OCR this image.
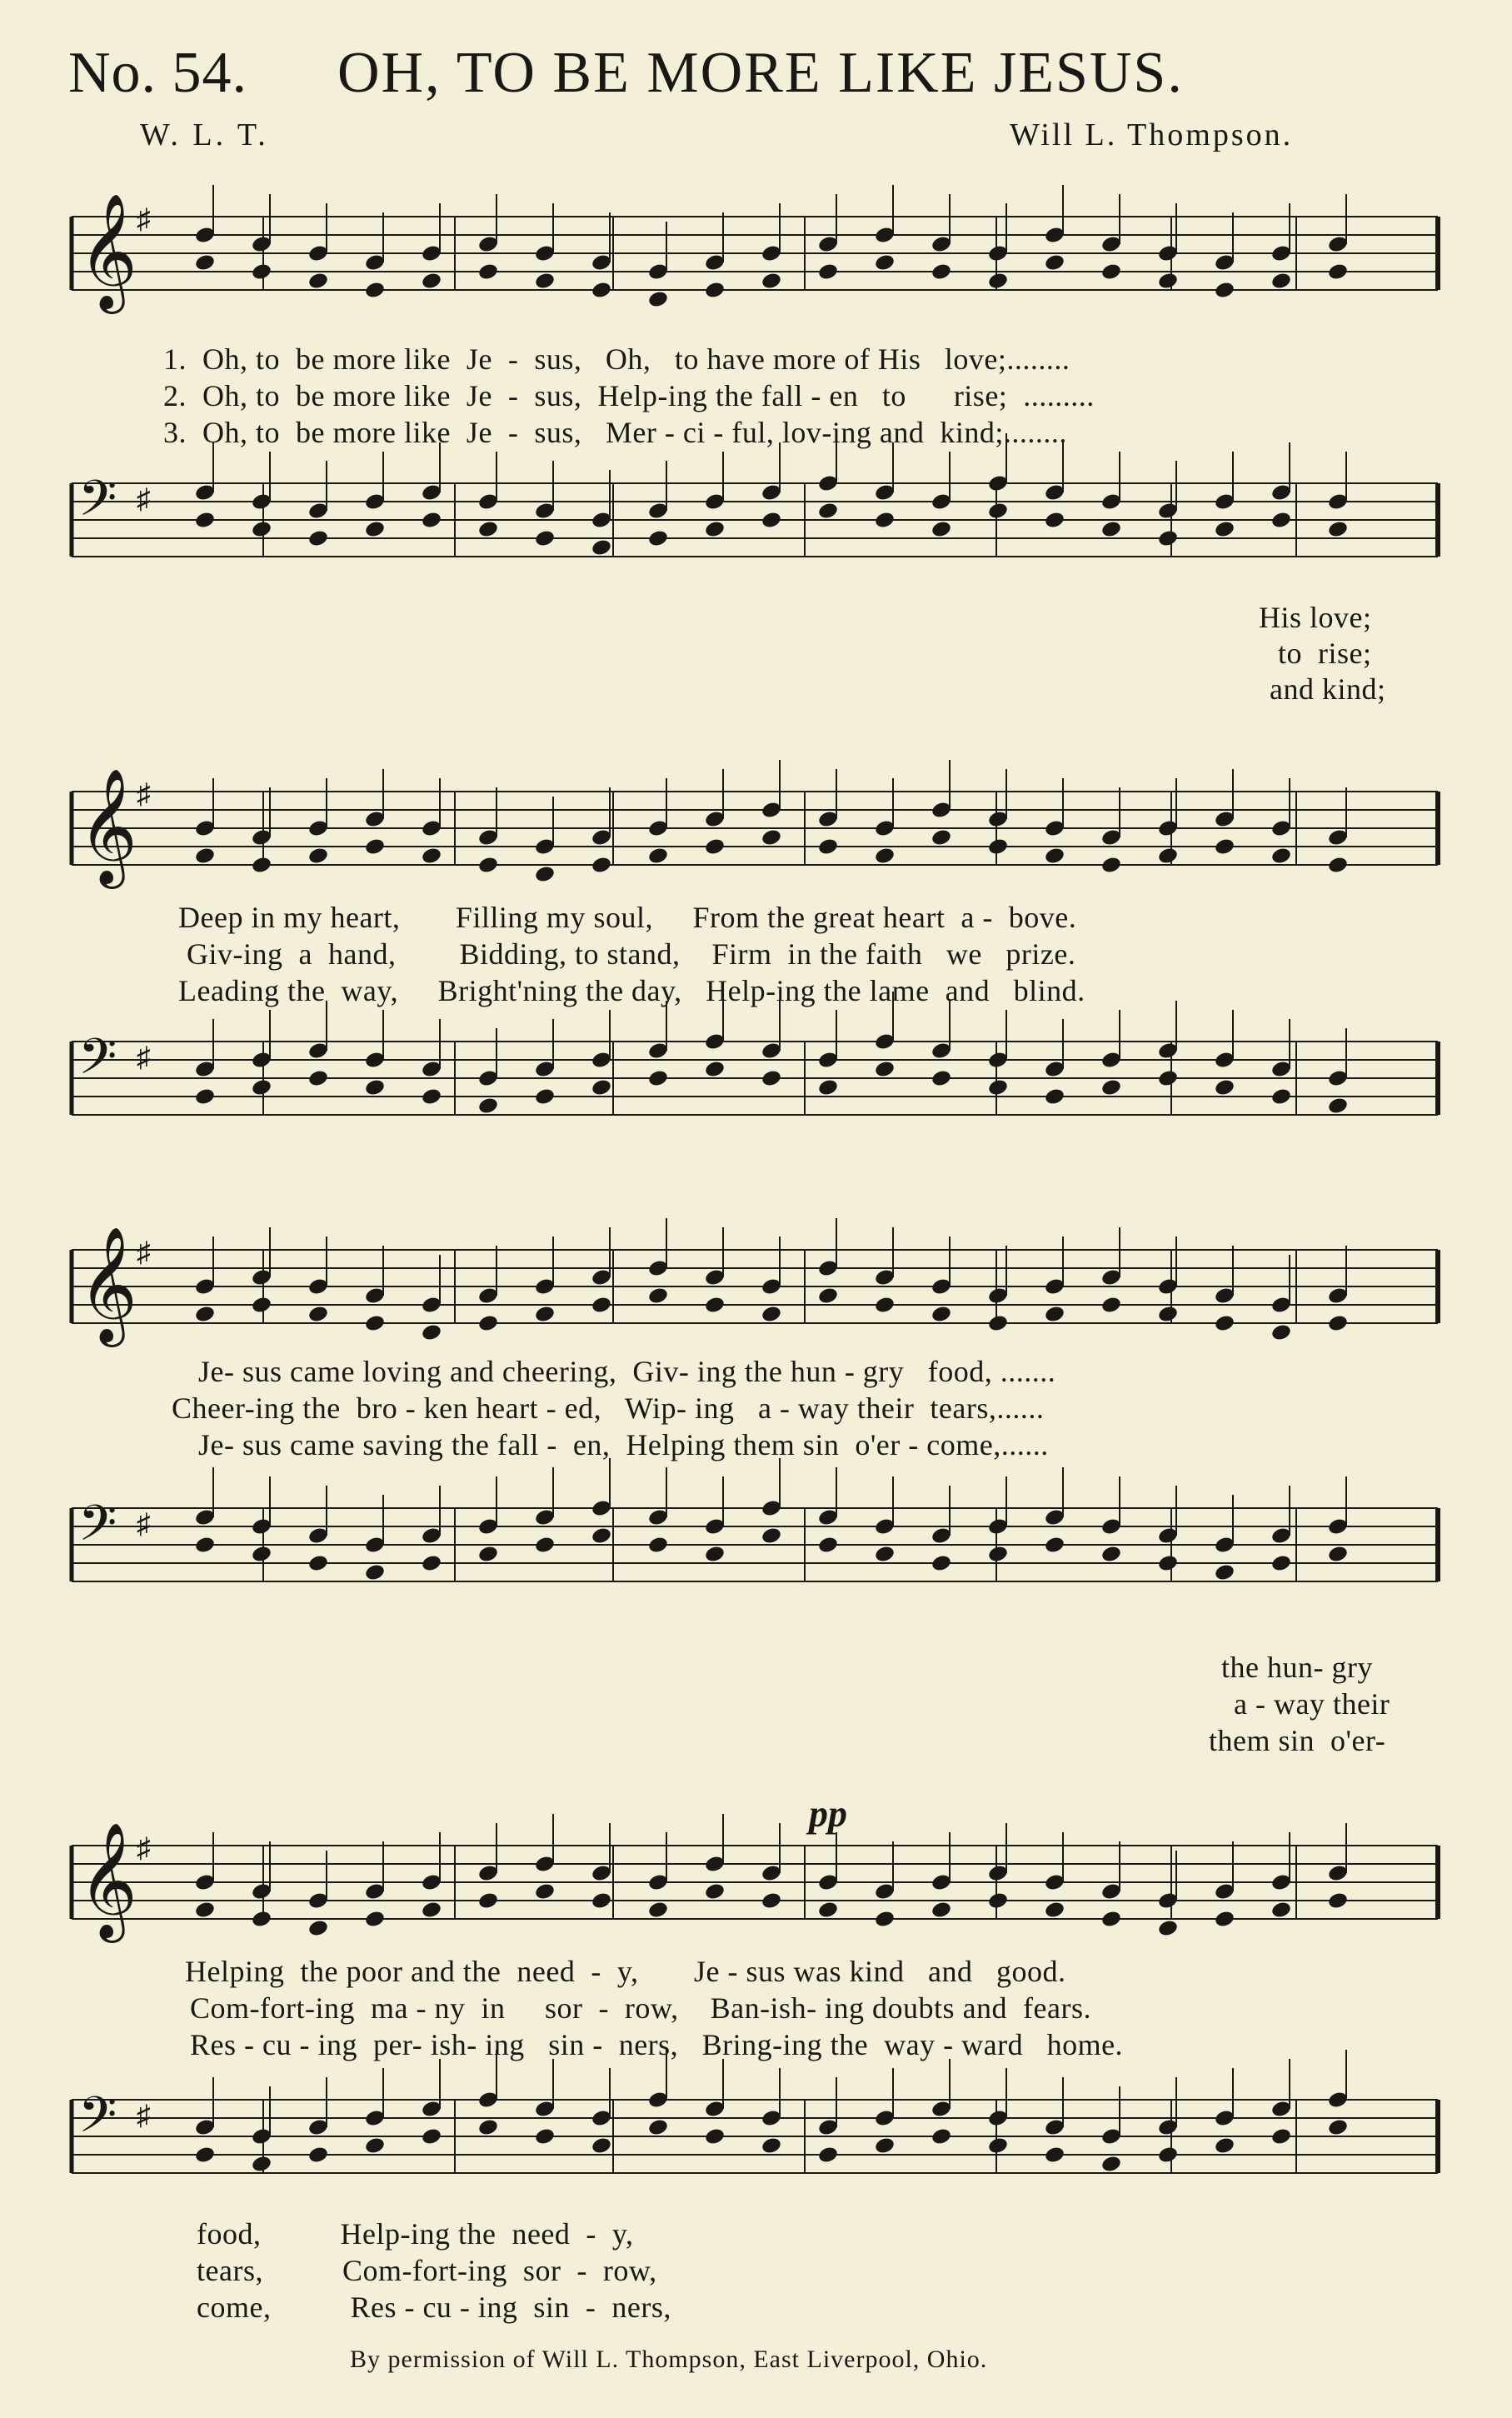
No. 54. OH, TO BE MORE LIKE JESUS.
W. L. T.	Will L. Thompson.
𝄞 ♯
1.  Oh, to  be more like  Je  -  sus,   Oh,   to have more of His   love;........
2.  Oh, to  be more like  Je  -  sus,  Help-ing the fall - en   to      rise;  .........
3.  Oh, to  be more like  Je  -  sus,   Mer - ci - ful, lov-ing and  kind;........
𝄢 ♯
His love;
to  rise;
and kind;
𝄞 ♯
Deep in my heart,       Filling my soul,     From the great heart  a -  bove.
Giv-ing  a  hand,        Bidding, to stand,    Firm  in the faith   we   prize.
Leading the  way,     Bright'ning the day,   Help-ing the lame  and   blind.
𝄢 ♯
𝄞 ♯
Je- sus came loving and cheering,  Giv- ing the hun - gry   food, .......
Cheer-ing the  bro - ken heart - ed,   Wip- ing   a - way their  tears,......
Je- sus came saving the fall -  en,  Helping them sin  o'er - come,......
𝄢 ♯
the hun- gry
a - way their
them sin  o'er-
pp
𝄞 ♯
Helping  the poor and the  need  -  y,       Je - sus was kind   and   good.
Com-fort-ing  ma - ny  in     sor  -  row,    Ban-ish- ing doubts and  fears.
Res - cu - ing  per- ish- ing   sin -  ners,   Bring-ing the  way - ward   home.
𝄢 ♯
food,          Help-ing the  need  -  y,
tears,          Com-fort-ing  sor  -  row,
come,          Res - cu - ing  sin  -  ners,
By permission of Will L. Thompson, East Liverpool, Ohio.
